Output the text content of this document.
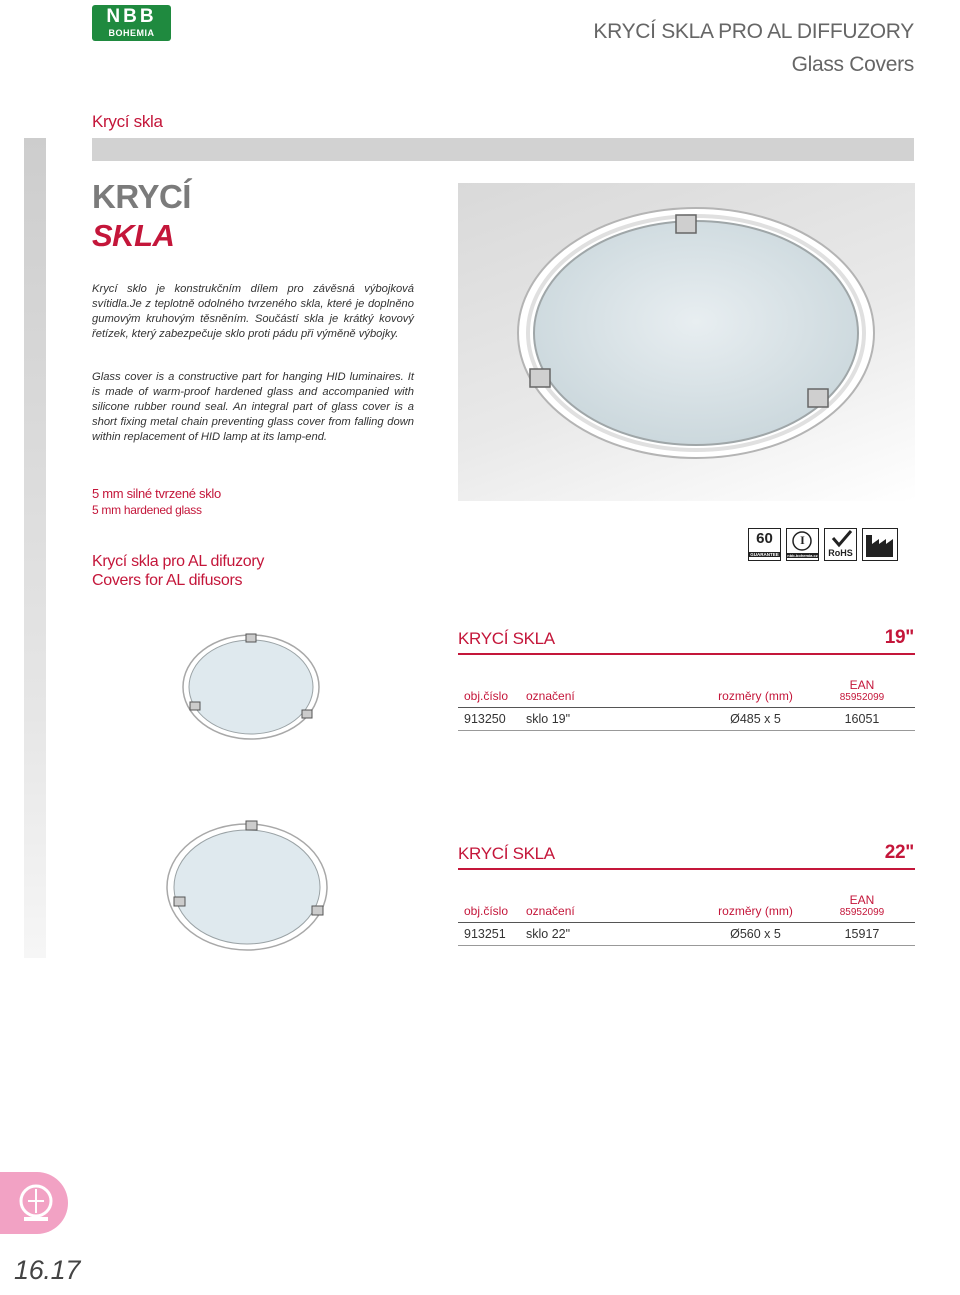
NBB
BOHEMIA	KRYCÍ SKLA PRO AL DIFFUZORY
Glass Covers
Krycí skla
KRYCÍ
SKLA
Krycí sklo je konstrukčním dílem pro závěsná výbojková svítidla.Je z teplotně odolného tvrzeného skla, které je doplněno gumovým kruhovým těsněním. Součástí skla je krátký kovový řetízek, který zabezpečuje sklo proti pádu při výměně výbojky.
Glass cover is a constructive part for hanging HID luminaires. It is made of warm-proof hardened glass and accompanied with silicone rubber round seal. An integral part of glass cover is a short fixing metal chain preventing glass cover from falling down within replacement of HID lamp at its lamp-end.
5 mm silné tvrzené sklo
5 mm hardened glass
60
GUARANTEE
I
nbb-bohemia.cz	RoHS
Krycí skla pro AL difuzory
Covers for AL difusors
KRYCÍ SKLA	19"
obj.číslo	označení	rozměry (mm)	EAN
85952099

913250	sklo 19"	Ø485 x 5	16051
KRYCÍ SKLA	22"
obj.číslo	označení	rozměry (mm)	EAN
85952099

913251	sklo 22"	Ø560 x 5	15917
16.17
